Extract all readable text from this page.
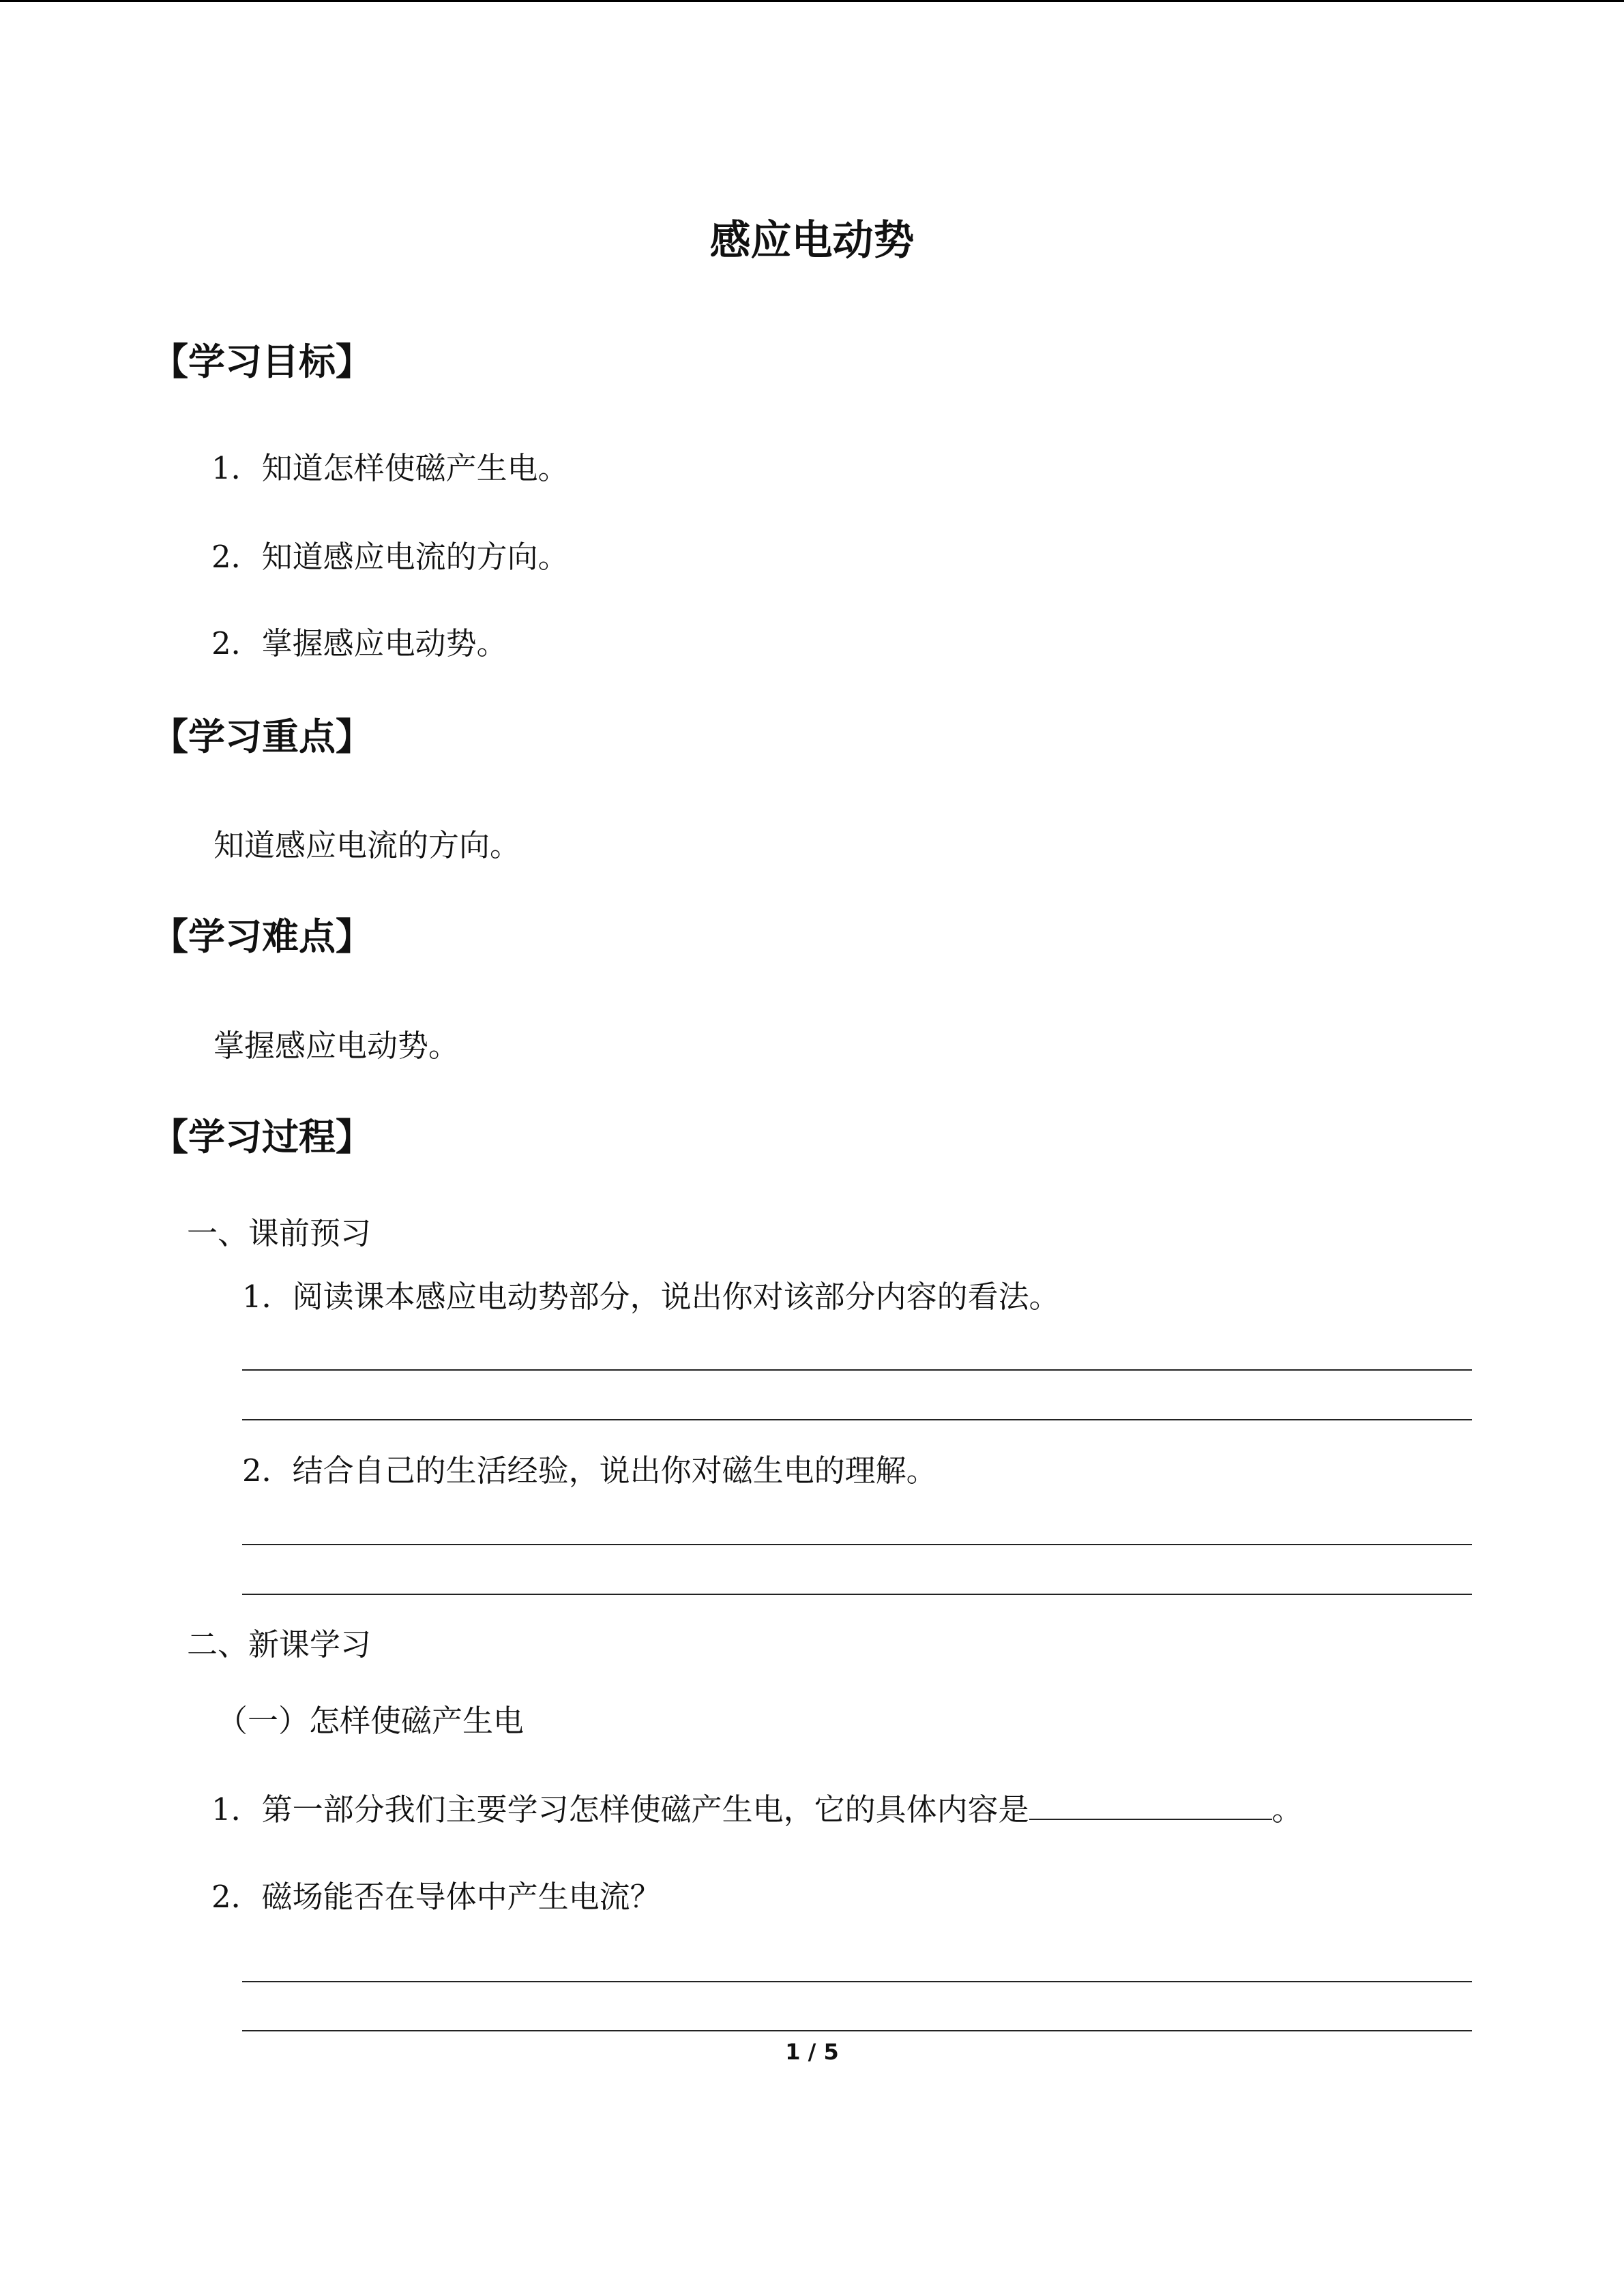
感应电动势
【学习目标】
1．知道怎样使磁产生电。
2．知道感应电流的方向。
2．掌握感应电动势。
【学习重点】
知道感应电流的方向。
【学习难点】
掌握感应电动势。
【学习过程】
一、课前预习
1．阅读课本感应电动势部分，说出你对该部分内容的看法。
2．结合自己的生活经验，说出你对磁生电的理解。
二、新课学习
（一）怎样使磁产生电
1．第一部分我们主要学习怎样使磁产生电，它的具体内容是	。
2．磁场能否在导体中产生电流？
1 / 5
